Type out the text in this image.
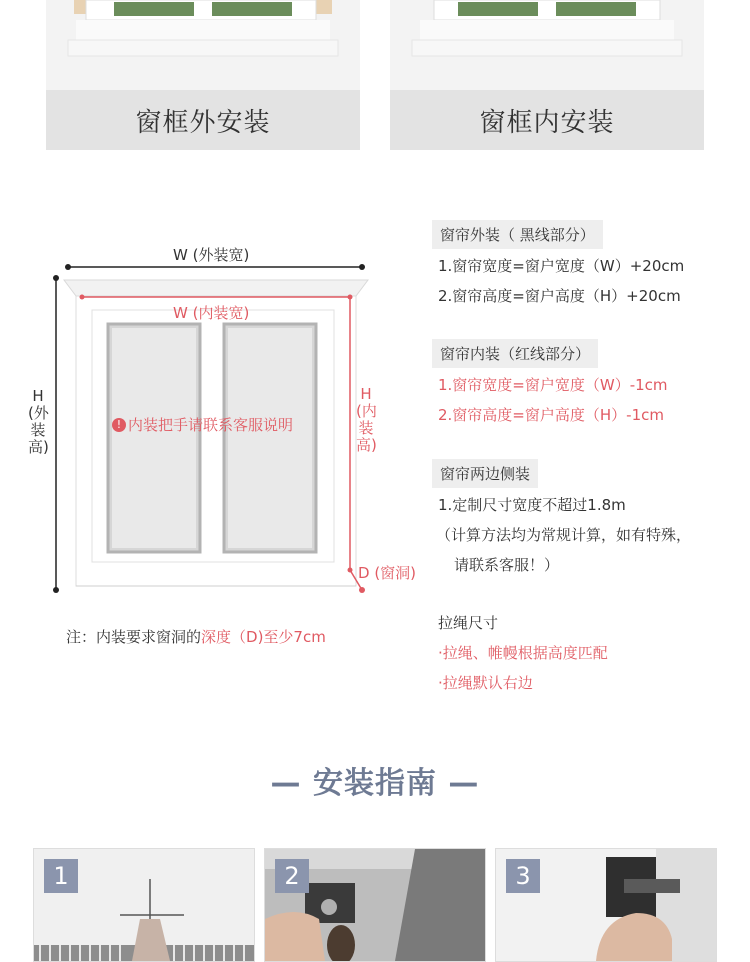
窗框外安装	窗框内安装
W (外装宽)
W (内装宽)
H
(外
装
高)
H
(内
装
高)
! 内装把手请联系客服说明
D (窗洞)
注：内装要求窗洞的深度（D)至少7cm
窗帘外装（ 黑线部分）
1.窗帘宽度=窗户宽度（W）+20cm
2.窗帘高度=窗户高度（H）+20cm
窗帘内装（红线部分）
1.窗帘宽度=窗户宽度（W）-1cm
2.窗帘高度=窗户高度（H）-1cm
窗帘两边侧装
1.定制尺寸宽度不超过1.8m
（计算方法均为常规计算，如有特殊，
请联系客服！）
拉绳尺寸
·拉绳、帷幔根据高度匹配
·拉绳默认右边
— 安装指南 —
1	2	3
